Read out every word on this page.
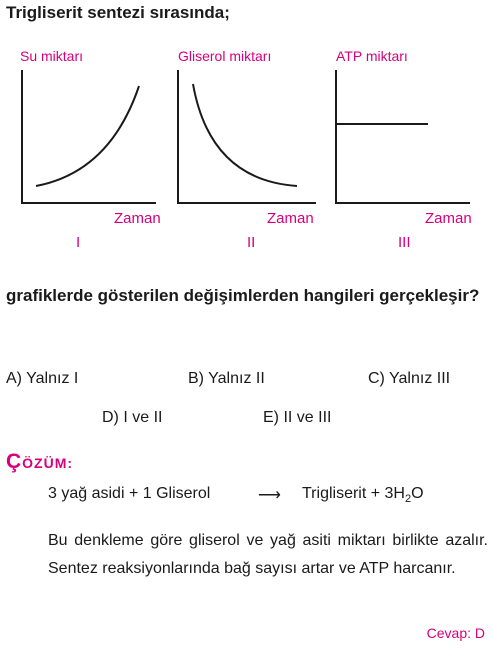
Trigliserit sentezi sırasında;
Su miktarı
Zaman
I
Gliserol miktarı
Zaman
II
ATP miktarı
Zaman
III
grafiklerde gösterilen değişimlerden hangileri gerçekleşir?
A) Yalnız I	B) Yalnız II	C) Yalnız III
D) I ve II	E) II ve III
ÇÖZÜM:
3 yağ asidi + 1 Gliserol	⟶ Trigliserit + $3H_2O$
Bu denkleme göre gliserol ve yağ asiti miktarı birlikte azalır. Sentez reaksiyonlarında bağ sayısı artar ve ATP harcanır.
Cevap: D
